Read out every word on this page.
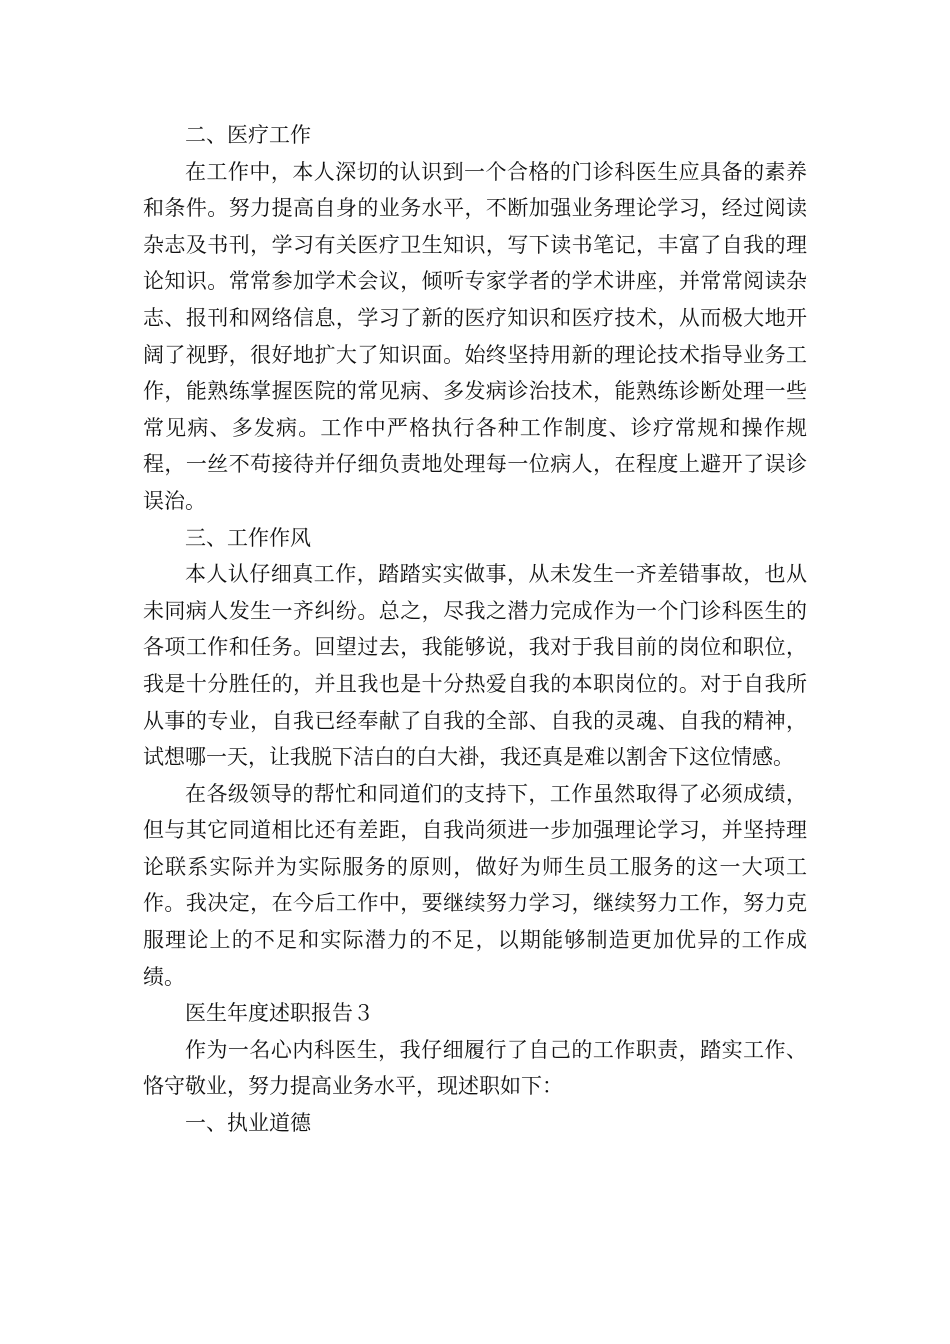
二、医疗工作

在工作中，本人深切的认识到一个合格的门诊科医生应具备的素养和条件。努力提高自身的业务水平，不断加强业务理论学习，经过阅读杂志及书刊，学习有关医疗卫生知识，写下读书笔记，丰富了自我的理论知识。常常参加学术会议，倾听专家学者的学术讲座，并常常阅读杂志、报刊和网络信息，学习了新的医疗知识和医疗技术，从而极大地开阔了视野，很好地扩大了知识面。始终坚持用新的理论技术指导业务工作，能熟练掌握医院的常见病、多发病诊治技术，能熟练诊断处理一些常见病、多发病。工作中严格执行各种工作制度、诊疗常规和操作规程，一丝不苟接待并仔细负责地处理每一位病人，在程度上避开了误诊误治。

三、工作作风

本人认仔细真工作，踏踏实实做事，从未发生一齐差错事故，也从未同病人发生一齐纠纷。总之，尽我之潜力完成作为一个门诊科医生的各项工作和任务。回望过去，我能够说，我对于我目前的岗位和职位，我是十分胜任的，并且我也是十分热爱自我的本职岗位的。对于自我所从事的专业，自我已经奉献了自我的全部、自我的灵魂、自我的精神，试想哪一天，让我脱下洁白的白大褂，我还真是难以割舍下这位情感。

在各级领导的帮忙和同道们的支持下，工作虽然取得了必须成绩，但与其它同道相比还有差距，自我尚须进一步加强理论学习，并坚持理论联系实际并为实际服务的原则，做好为师生员工服务的这一大项工作。我决定，在今后工作中，要继续努力学习，继续努力工作，努力克服理论上的不足和实际潜力的不足，以期能够制造更加优异的工作成绩。

医生年度述职报告３

作为一名心内科医生，我仔细履行了自己的工作职责，踏实工作、恪守敬业，努力提高业务水平，现述职如下：

一、执业道德
